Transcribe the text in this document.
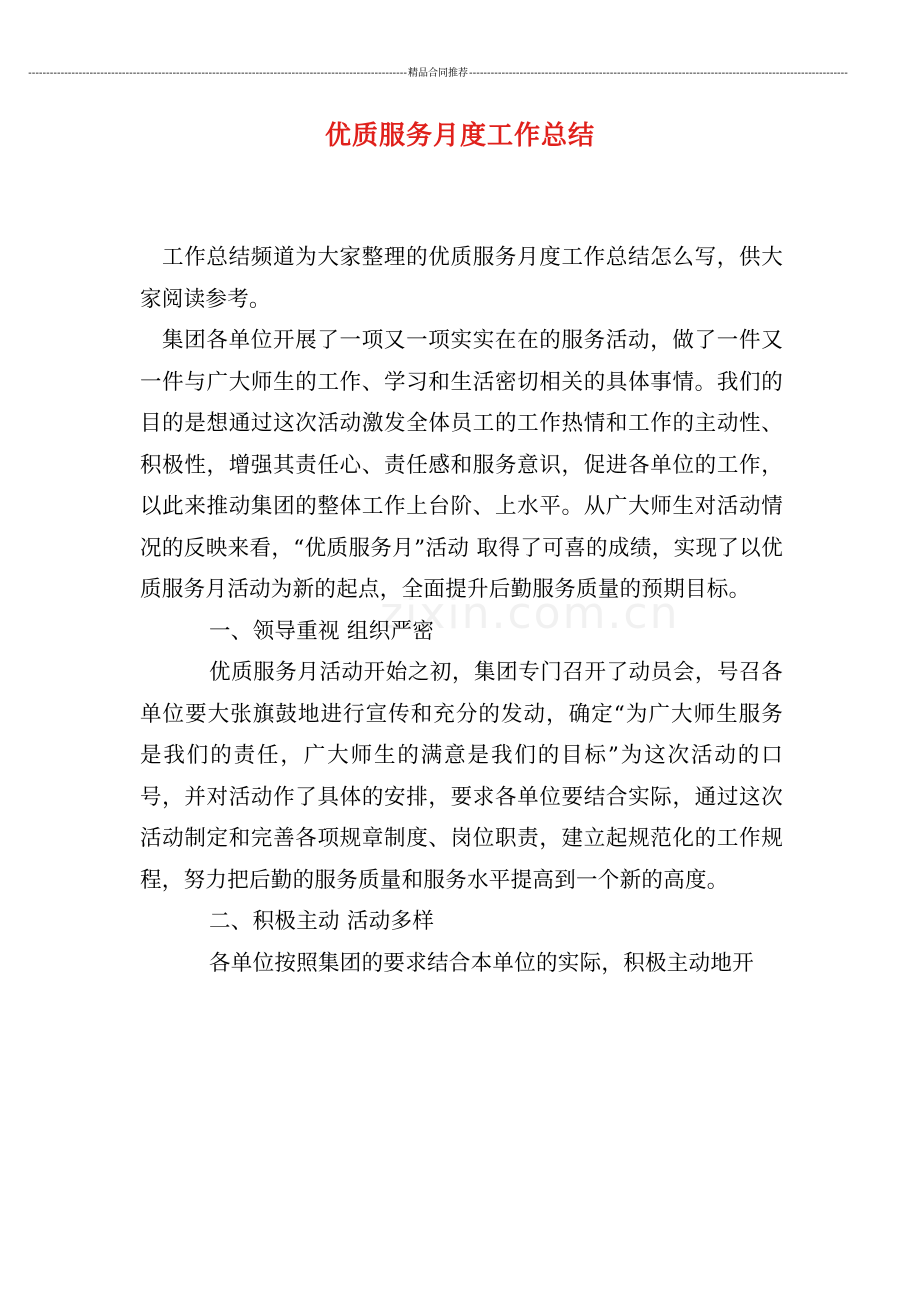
--------------------------------------------------------------------------------------------------------- 精品合同推荐 ---------------------------------------------------------------------------------------------------------
优质服务月度工作总结
zixin.com.cn

工作总结频道为大家整理的优质服务月度工作总结怎么写，供大家阅读参考。

集团各单位开展了一项又一项实实在在的服务活动，做了一件又一件与广大师生的工作、学习和生活密切相关的具体事情。我们的目的是想通过这次活动激发全体员工的工作热情和工作的主动性、积极性，增强其责任心、责任感和服务意识，促进各单位的工作，以此来推动集团的整体工作上台阶、上水平。从广大师生对活动情况的反映来看，“优质服务月”活动 取得了可喜的成绩，实现了以优质服务月活动为新的起点，全面提升后勤服务质量的预期目标。

一、领导重视 组织严密

优质服务月活动开始之初，集团专门召开了动员会，号召各单位要大张旗鼓地进行宣传和充分的发动，确定“为广大师生服务是我们的责任，广大师生的满意是我们的目标”为这次活动的口号，并对活动作了具体的安排，要求各单位要结合实际，通过这次活动制定和完善各项规章制度、岗位职责，建立起规范化的工作规程，努力把后勤的服务质量和服务水平提高到一个新的高度。

二、积极主动 活动多样

各单位按照集团的要求结合本单位的实际，积极主动地开
